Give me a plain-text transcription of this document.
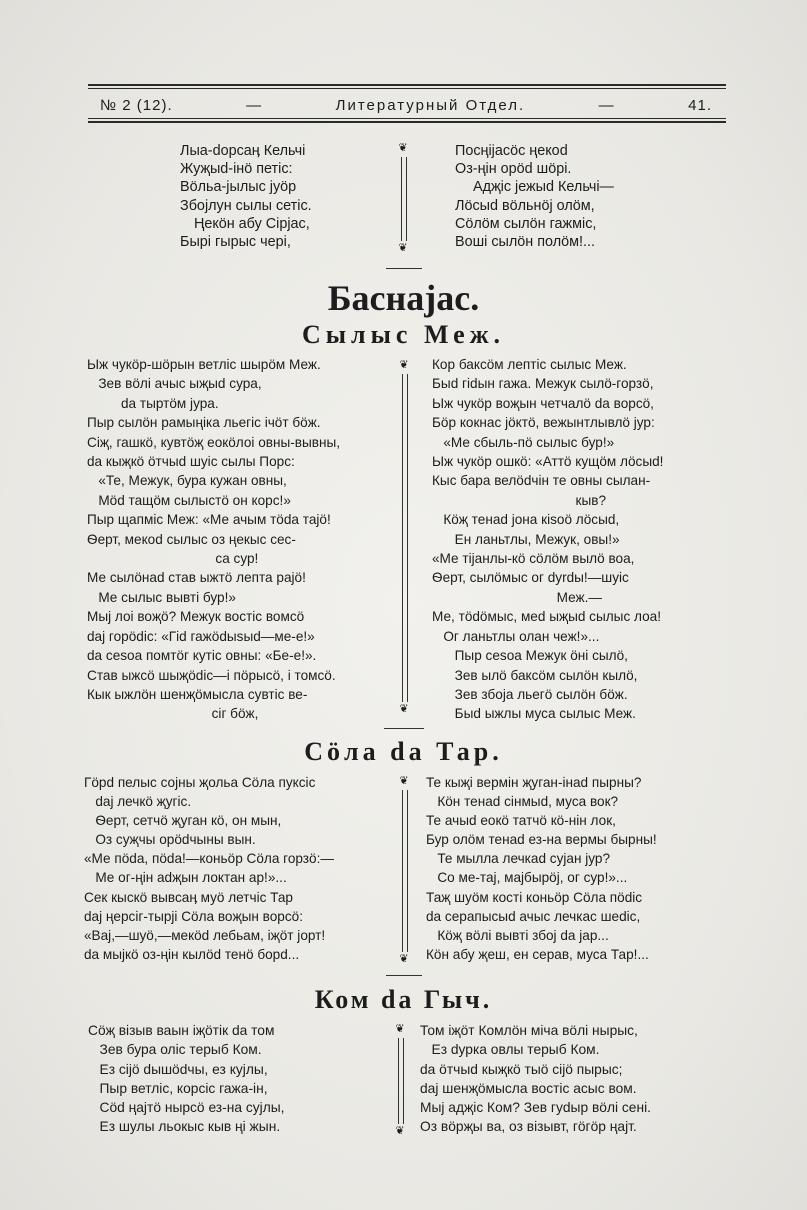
№ 2 (12).	—	Литературный Отдел.	—	41.
Лыа-dорсаӊ Кельчі
Жуҗыd-інӧ петіс:
Вӧльа-јылыс јуӧр
Збојлун сылы сетіс.
Ңекӧн абу Сірјас,
Бырі гырыс чері,
❦
❦
Посңіјасӧс ңекоd
Оз-ңін орӧd шӧрі.
Адҗіс јежыd Кельчі—
Лӧсыd вӧльнӧј олӧм,
Сӧлӧм сылӧн гажміс,
Воші сылӧн полӧм!...
Баснајас.
Сылыс Меж.
Ыж чукӧр-шӧрын ветліс шырӧм Меж.
Зев вӧлі ачыс ыҗыd сура,
dа тыртӧм јура.
Пыр сылӧн рамыңіка льегіс ічӧт бӧж.
Сіҗ, гашкӧ, кувтӧҗ еокӧлоі овны-вывны,
dа кыҗкӧ ӧтчыd шуіс сылы Порс:
«Те, Межук, бура кужан овны,
Мӧd тащӧм сылыстӧ он корс!»
Пыр щапміс Меж: «Ме ачым тӧdа тајӧ!
Ѳерт, мекоd сылыс оз ңекыс сес-
са сур!
Ме сылӧнаd став ыжтӧ лепта рајӧ!
Ме сылыс вывті бур!»
Мыј лоі воҗӧ? Межук востіс вомсӧ
dај горӧdіс: «Гіd гажӧdыsыd—ме-е!»
dа сеsоа помтӧг кутіс овны: «Бе-е!».
Став ыжсӧ шыҗӧdіс—і пӧрысӧ, і томсӧ.
Кык ыжлӧн шенҗӧмысла сувтіс ве-
сіг бӧж,
❦
❦
Кор баксӧм лептіс сылыс Меж.
Быd гіdын гажа. Межук сылӧ-горзӧ,
Ыж чукӧр воҗын четчалӧ dа ворсӧ,
Бӧр кокнас јӧктӧ, вежынтлывлӧ јур:
«Ме сбыль-пӧ сылыс бур!»
Ыж чукӧр ошкӧ: «Аттӧ кущӧм лӧсыd!
Кыс бара велӧdчін те овны сылан-
кыв?
Кӧҗ тенаd јона кіsоӧ лӧсыd,
Ен ланьтлы, Межук, овы!»
«Ме тіјанлы-кӧ сӧлӧм вылӧ воа,
Ѳерт, сылӧмыс ог dуrdы!—шуіс
Меж.—
Ме, тӧdӧмыс, меd ыҗыd сылыс лоа!
Ог ланьтлы олан чеж!»...
Пыр сеsоа Межук ӧні сылӧ,
Зев ылӧ баксӧм сылӧн кылӧ,
Зев збоја льегӧ сылӧн бӧж.
Быd ыжлы муса сылыс Меж.
Сӧла dа Тар.
Гӧрd пелыс сојны җольа Сӧла пуксіс
dај лечкӧ җугіс.
Ѳерт, сетчӧ җуган кӧ, он мын,
Оз суҗчы орӧdчыны вын.
«Ме пӧdа, пӧdа!—коньӧр Сӧла горзӧ:—
Ме ог-ңін аdҗын локтан ар!»...
Сек кыскӧ вывсаӊ муӧ летчіс Тар
dај ңерсіг-тырјі Сӧла воҗын ворсӧ:
«Вај,—шуӧ,—мекӧd лебьам, іҗӧт јорт!
dа мыјкӧ оз-ңін кылӧd тенӧ борd...
❦
❦
Те кыҗі вермін җуган-інаd пырны?
Кӧн тенаd сінмыd, муса вок?
Те ачыd еокӧ татчӧ кӧ-нін лок,
Бур олӧм тенаd ез-на вермы бырны!
Те мылла лечкаd сујан јур?
Со ме-тај, мајбырӧј, ог сур!»...
Таҗ шуӧм кості коньӧр Сӧла пӧdіс
dа серапысыd ачыс лечкас шеdіс,
Кӧҗ вӧлі вывті збој dа јар...
Кӧн абу җеш, ен серав, муса Тар!...
Ком dа Гыч.
Сӧҗ візыв ваын іҗӧтік dа том
Зев бура оліс терыб Ком.
Ез сіјӧ dышӧdчы, ез кујлы,
Пыр ветліс, корсіс гажа-ін,
Сӧd ңајтӧ нырсӧ ез-на сујлы,
Ез шулы льокыс кыв ңі жын.
❦
❦
Том іҗӧт Комлӧн міча вӧлі нырыс,
Ез dурка овлы терыб Ком.
dа ӧтчыd кыҗкӧ тыӧ сіјӧ пырыс;
dај шенҗӧмысла востіс асыс вом.
Мыј адҗіс Ком? Зев гуdыр вӧлі сені.
Оз вӧрҗы ва, оз візывт, гӧгӧр ңајт.
